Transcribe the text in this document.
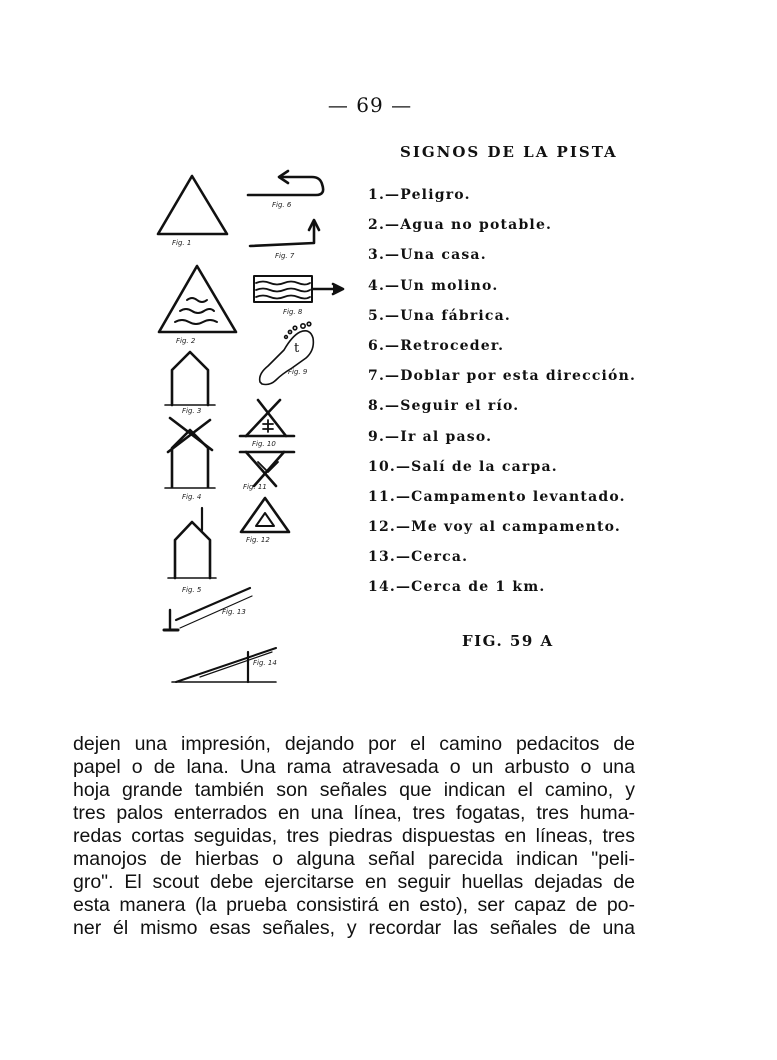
— 69 —
SIGNOS DE LA PISTA
1.—Peligro.
2.—Agua no potable.
3.—Una casa.
4.—Un molino.
5.—Una fábrica.
6.—Retroceder.
7.—Doblar por esta dirección.
8.—Seguir el río.
9.—Ir al paso.
10.—Salí de la carpa.
11.—Campamento levantado.
12.—Me voy al campamento.
13.—Cerca.
14.—Cerca de 1 km.
FIG. 59 A
Fig. 1
Fig. 2
Fig. 3
Fig. 4
Fig. 5
Fig. 6
Fig. 7
Fig. 8
t
Fig. 9
Fig. 10
Fig. 11
Fig. 12
Fig. 13
Fig. 14

dejen una impresión, dejando por el camino pedacitos de
papel o de lana. Una rama atravesada o un arbusto o una
hoja grande también son señales que indican el camino, y
tres palos enterrados en una línea, tres fogatas, tres huma-
redas cortas seguidas, tres piedras dispuestas en líneas, tres
manojos de hierbas o alguna señal parecida indican "peli-
gro". El scout debe ejercitarse en seguir huellas dejadas de
esta manera (la prueba consistirá en esto), ser capaz de po-
ner él mismo esas señales, y recordar las señales de una
